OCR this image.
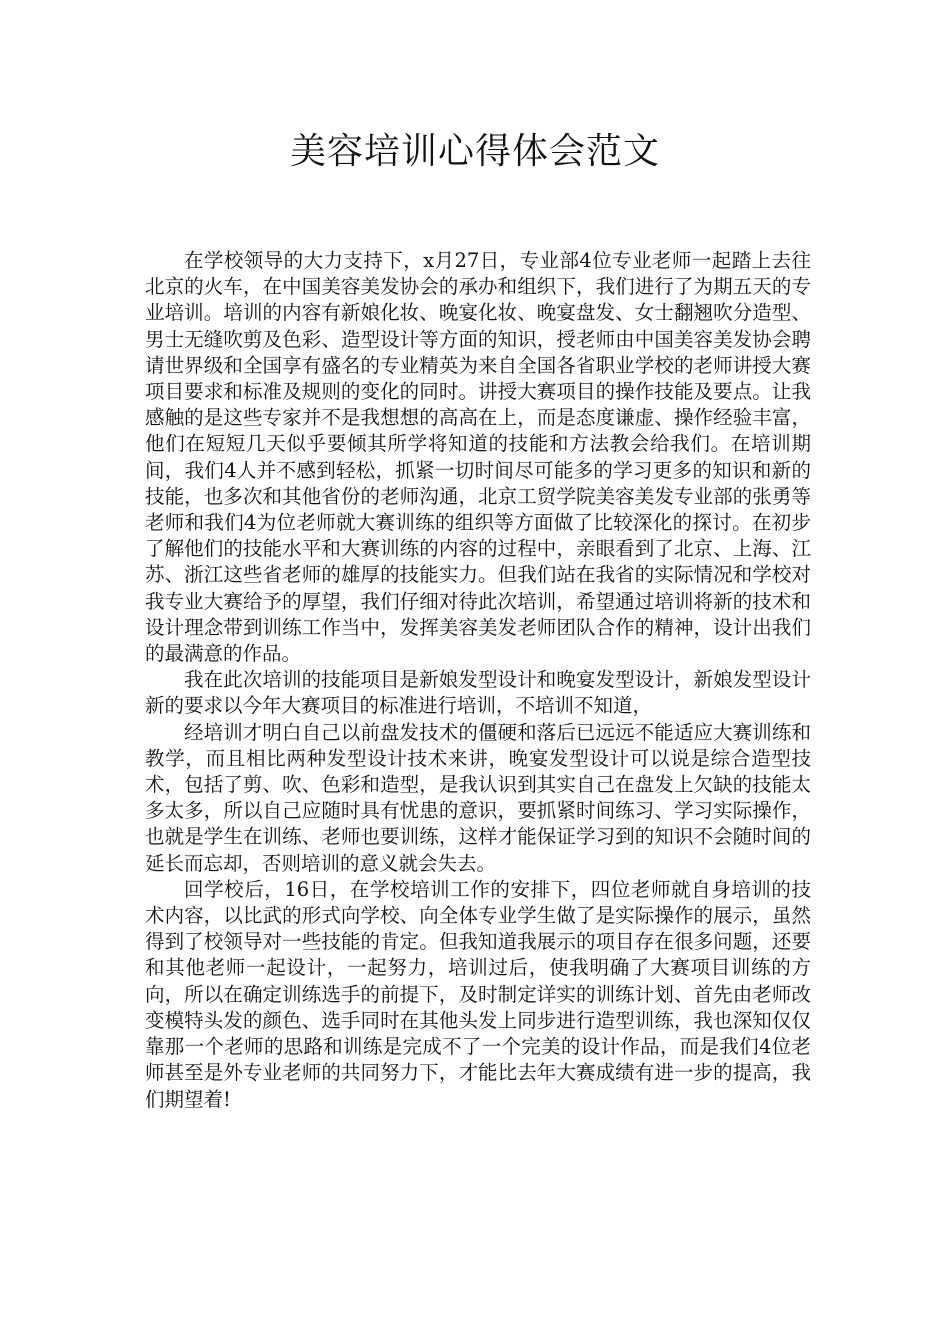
美容培训心得体会范文

在学校领导的大力支持下，x月27日，专业部4位专业老师一起踏上去往北京的火车，在中国美容美发协会的承办和组织下，我们进行了为期五天的专业培训。培训的内容有新娘化妆、晚宴化妆、晚宴盘发、女士翻翘吹分造型、男士无缝吹剪及色彩、造型设计等方面的知识，授老师由中国美容美发协会聘请世界级和全国享有盛名的专业精英为来自全国各省职业学校的老师讲授大赛项目要求和标准及规则的变化的同时。讲授大赛项目的操作技能及要点。让我感触的是这些专家并不是我想想的高高在上，而是态度谦虚、操作经验丰富，他们在短短几天似乎要倾其所学将知道的技能和方法教会给我们。在培训期间，我们4人并不感到轻松，抓紧一切时间尽可能多的学习更多的知识和新的技能，也多次和其他省份的老师沟通，北京工贸学院美容美发专业部的张勇等老师和我们4为位老师就大赛训练的组织等方面做了比较深化的探讨。在初步了解他们的技能水平和大赛训练的内容的过程中，亲眼看到了北京、上海、江苏、浙江这些省老师的雄厚的技能实力。但我们站在我省的实际情况和学校对我专业大赛给予的厚望，我们仔细对待此次培训，希望通过培训将新的技术和设计理念带到训练工作当中，发挥美容美发老师团队合作的精神，设计出我们的最满意的作品。

我在此次培训的技能项目是新娘发型设计和晚宴发型设计，新娘发型设计新的要求以今年大赛项目的标准进行培训，不培训不知道，

经培训才明白自己以前盘发技术的僵硬和落后已远远不能适应大赛训练和教学，而且相比两种发型设计技术来讲，晚宴发型设计可以说是综合造型技术，包括了剪、吹、色彩和造型，是我认识到其实自己在盘发上欠缺的技能太多太多，所以自己应随时具有忧患的意识，要抓紧时间练习、学习实际操作，也就是学生在训练、老师也要训练，这样才能保证学习到的知识不会随时间的延长而忘却，否则培训的意义就会失去。

回学校后，16日，在学校培训工作的安排下，四位老师就自身培训的技术内容，以比武的形式向学校、向全体专业学生做了是实际操作的展示，虽然得到了校领导对一些技能的肯定。但我知道我展示的项目存在很多问题，还要和其他老师一起设计，一起努力，培训过后，使我明确了大赛项目训练的方向，所以在确定训练选手的前提下，及时制定详实的训练计划、首先由老师改变模特头发的颜色、选手同时在其他头发上同步进行造型训练，我也深知仅仅靠那一个老师的思路和训练是完成不了一个完美的设计作品，而是我们4位老师甚至是外专业老师的共同努力下，才能比去年大赛成绩有进一步的提高，我们期望着!
